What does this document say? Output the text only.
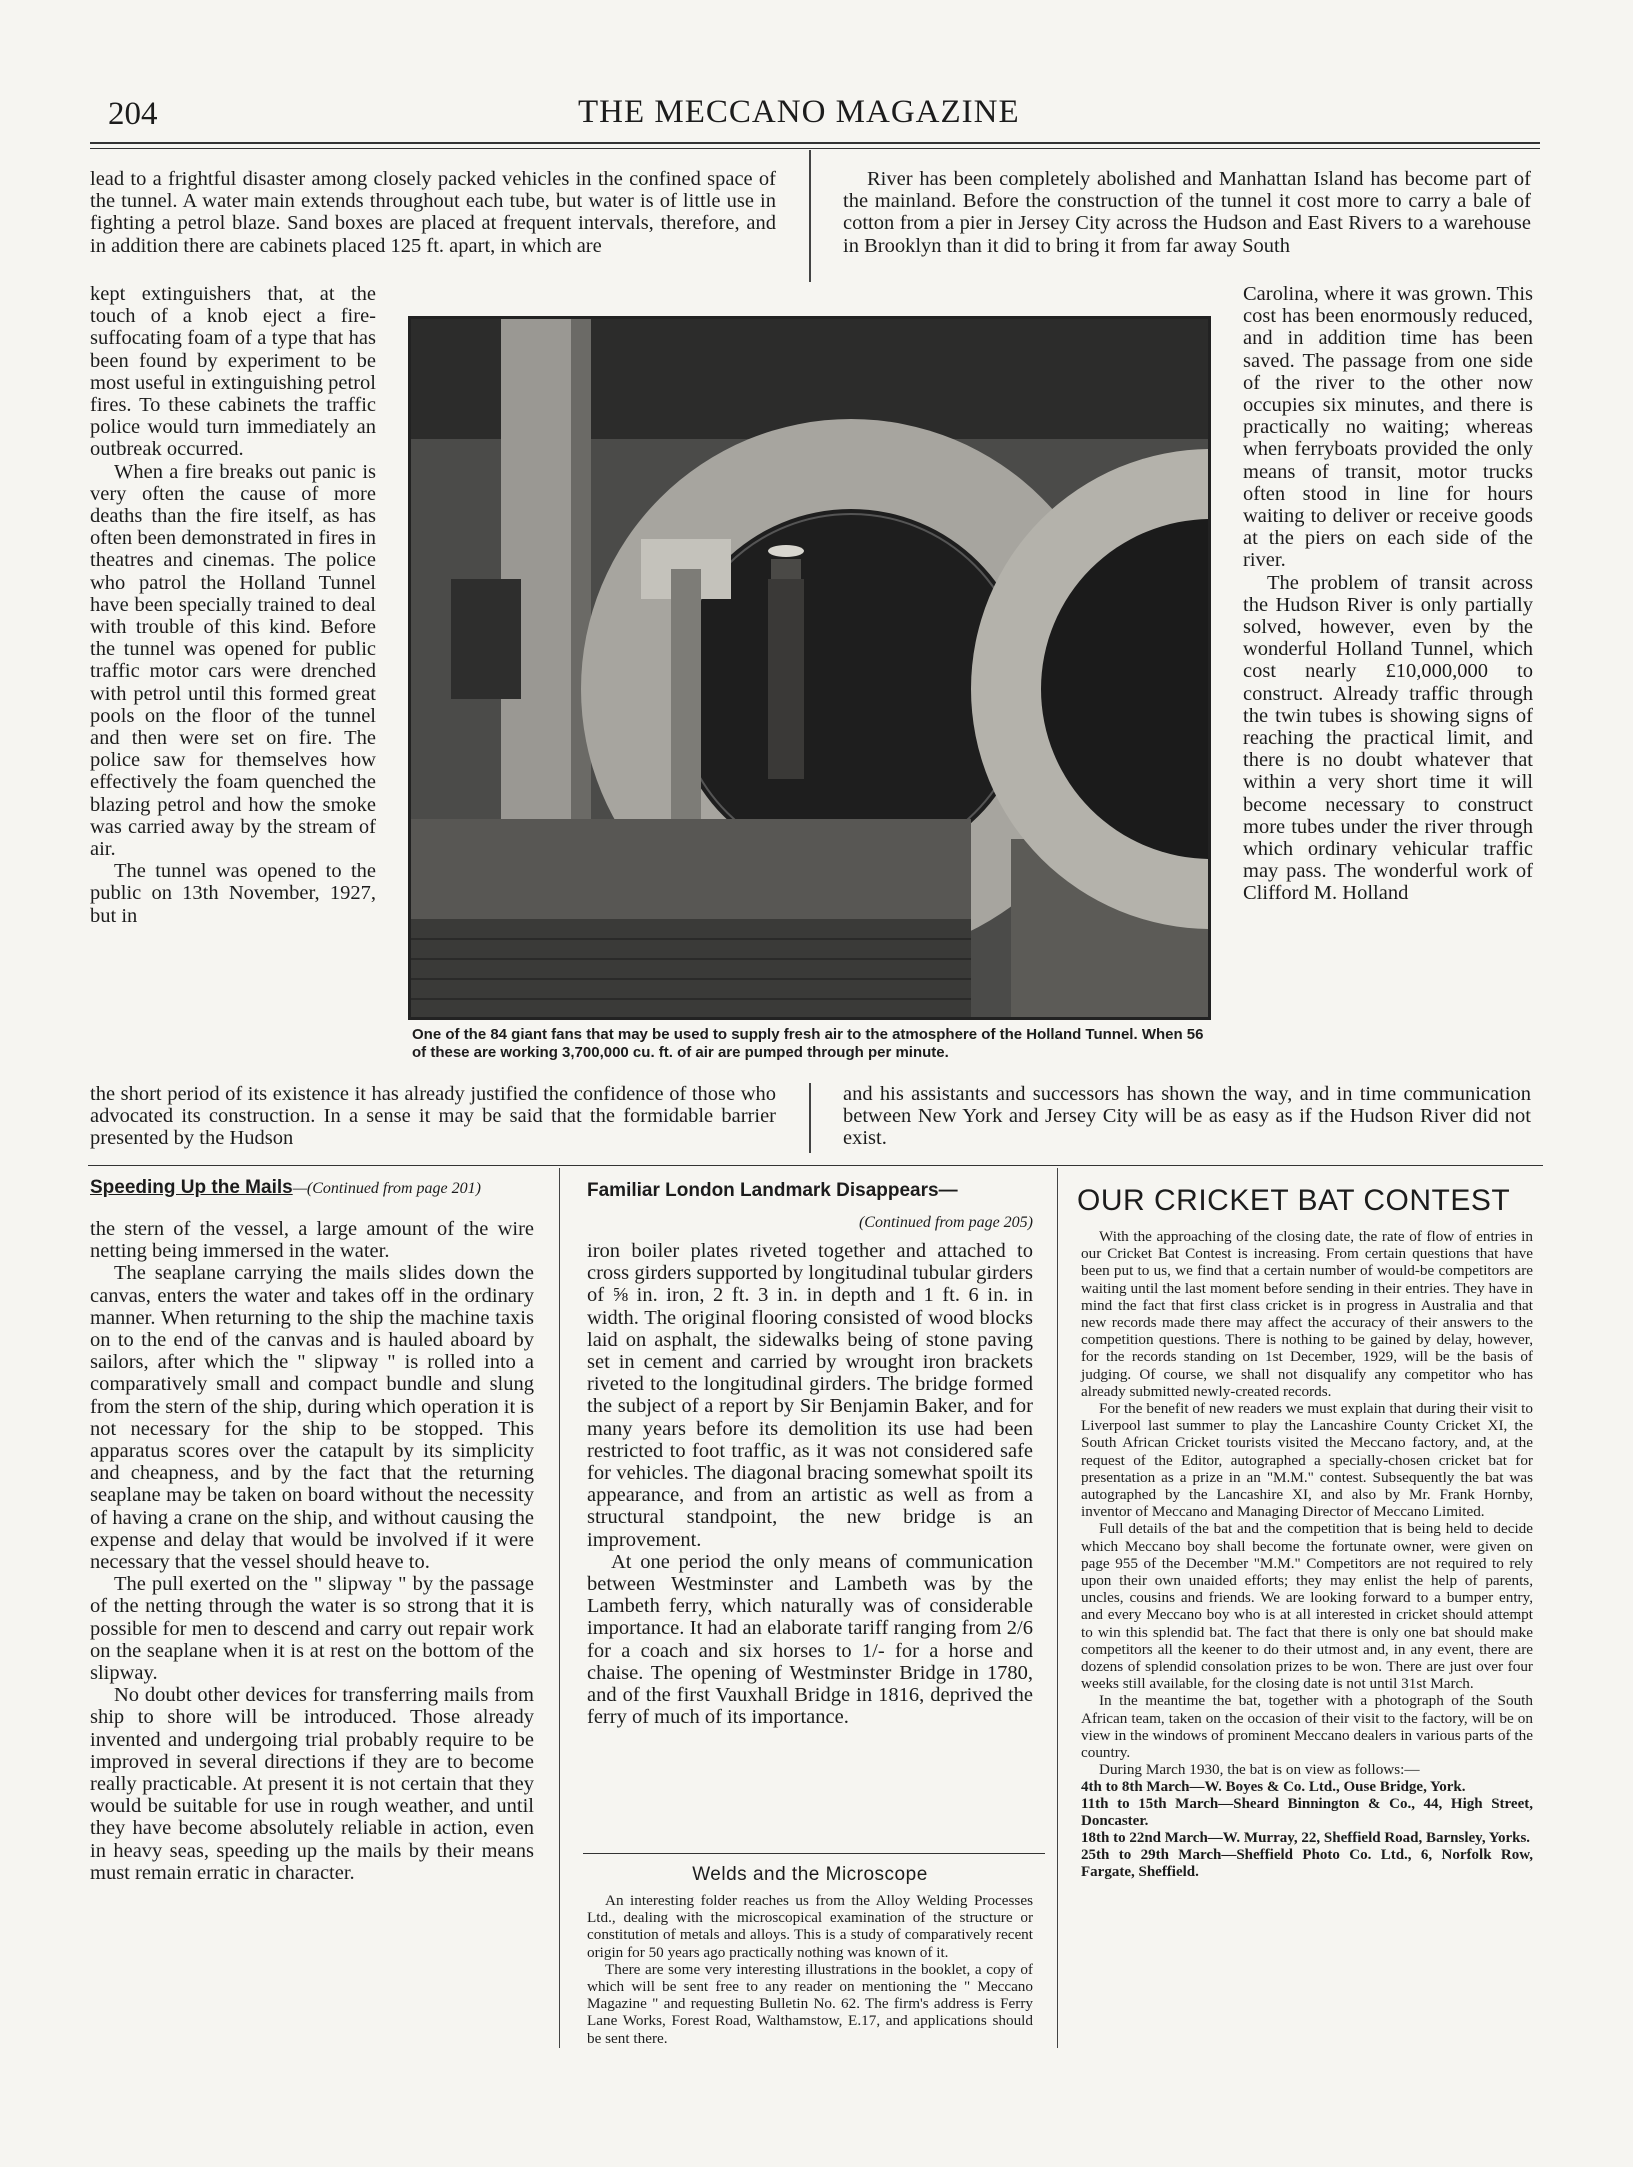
204	THE MECCANO MAGAZINE

lead to a frightful disaster among closely packed vehicles in the confined space of the tunnel. A water main extends throughout each tube, but water is of little use in fighting a petrol blaze. Sand boxes are placed at frequent intervals, therefore, and in addition there are cabinets placed 125 ft. apart, in which are

River has been completely abolished and Manhattan Island has become part of the mainland. Before the construction of the tunnel it cost more to carry a bale of cotton from a pier in Jersey City across the Hudson and East Rivers to a warehouse in Brooklyn than it did to bring it from far away South

kept extinguishers that, at the touch of a knob eject a fire-suffocating foam of a type that has been found by experiment to be most useful in extinguishing petrol fires. To these cabinets the traffic police would turn immediately an outbreak occurred.

When a fire breaks out panic is very often the cause of more deaths than the fire itself, as has often been demonstrated in fires in theatres and cinemas. The police who patrol the Holland Tunnel have been specially trained to deal with trouble of this kind. Before the tunnel was opened for public traffic motor cars were drenched with petrol until this formed great pools on the floor of the tunnel and then were set on fire. The police saw for themselves how effectively the foam quenched the blazing petrol and how the smoke was carried away by the stream of air.

The tunnel was opened to the public on 13th November, 1927, but in

One of the 84 giant fans that may be used to supply fresh air to the atmosphere of the Holland Tunnel. When 56 of these are working 3,700,000 cu. ft. of air are pumped through per minute.

Carolina, where it was grown. This cost has been enormously reduced, and in addition time has been saved. The passage from one side of the river to the other now occupies six minutes, and there is practically no waiting; whereas when ferryboats provided the only means of transit, motor trucks often stood in line for hours waiting to deliver or receive goods at the piers on each side of the river.

The problem of transit across the Hudson River is only partially solved, however, even by the wonderful Holland Tunnel, which cost nearly £10,000,000 to construct. Already traffic through the twin tubes is showing signs of reaching the practical limit, and there is no doubt whatever that within a very short time it will become necessary to construct more tubes under the river through which ordinary vehicular traffic may pass. The wonderful work of Clifford M. Holland

the short period of its existence it has already justified the confidence of those who advocated its construction. In a sense it may be said that the formidable barrier presented by the Hudson

and his assistants and successors has shown the way, and in time communication between New York and Jersey City will be as easy as if the Hudson River did not exist.

Speeding Up the Mails—(Continued from page 201)

the stern of the vessel, a large amount of the wire netting being immersed in the water.

The seaplane carrying the mails slides down the canvas, enters the water and takes off in the ordinary manner. When returning to the ship the machine taxis on to the end of the canvas and is hauled aboard by sailors, after which the " slipway " is rolled into a comparatively small and compact bundle and slung from the stern of the ship, during which operation it is not necessary for the ship to be stopped. This apparatus scores over the catapult by its simplicity and cheapness, and by the fact that the returning seaplane may be taken on board without the necessity of having a crane on the ship, and without causing the expense and delay that would be involved if it were necessary that the vessel should heave to.

The pull exerted on the " slipway " by the passage of the netting through the water is so strong that it is possible for men to descend and carry out repair work on the seaplane when it is at rest on the bottom of the slipway.

No doubt other devices for transferring mails from ship to shore will be introduced. Those already invented and undergoing trial probably require to be improved in several directions if they are to become really practicable. At present it is not certain that they would be suitable for use in rough weather, and until they have become absolutely reliable in action, even in heavy seas, speeding up the mails by their means must remain erratic in character.

Familiar London Landmark Disappears—
(Continued from page 205)

iron boiler plates riveted together and attached to cross girders supported by longitudinal tubular girders of ⅝ in. iron, 2 ft. 3 in. in depth and 1 ft. 6 in. in width. The original flooring consisted of wood blocks laid on asphalt, the sidewalks being of stone paving set in cement and carried by wrought iron brackets riveted to the longitudinal girders. The bridge formed the subject of a report by Sir Benjamin Baker, and for many years before its demolition its use had been restricted to foot traffic, as it was not considered safe for vehicles. The diagonal bracing somewhat spoilt its appearance, and from an artistic as well as from a structural standpoint, the new bridge is an improvement.

At one period the only means of communication between Westminster and Lambeth was by the Lambeth ferry, which naturally was of considerable importance. It had an elaborate tariff ranging from 2/6 for a coach and six horses to 1/- for a horse and chaise. The opening of Westminster Bridge in 1780, and of the first Vauxhall Bridge in 1816, deprived the ferry of much of its importance.

Welds and the Microscope

An interesting folder reaches us from the Alloy Welding Processes Ltd., dealing with the microscopical examination of the structure or constitution of metals and alloys. This is a study of comparatively recent origin for 50 years ago practically nothing was known of it.

There are some very interesting illustrations in the booklet, a copy of which will be sent free to any reader on mentioning the " Meccano Magazine " and requesting Bulletin No. 62. The firm's address is Ferry Lane Works, Forest Road, Walthamstow, E.17, and applications should be sent there.

OUR CRICKET BAT CONTEST

With the approaching of the closing date, the rate of flow of entries in our Cricket Bat Contest is increasing. From certain questions that have been put to us, we find that a certain number of would-be competitors are waiting until the last moment before sending in their entries. They have in mind the fact that first class cricket is in progress in Australia and that new records made there may affect the accuracy of their answers to the competition questions. There is nothing to be gained by delay, however, for the records standing on 1st December, 1929, will be the basis of judging. Of course, we shall not disqualify any competitor who has already submitted newly-created records.

For the benefit of new readers we must explain that during their visit to Liverpool last summer to play the Lancashire County Cricket XI, the South African Cricket tourists visited the Meccano factory, and, at the request of the Editor, autographed a specially-chosen cricket bat for presentation as a prize in an "M.M." contest. Subsequently the bat was autographed by the Lancashire XI, and also by Mr. Frank Hornby, inventor of Meccano and Managing Director of Meccano Limited.

Full details of the bat and the competition that is being held to decide which Meccano boy shall become the fortunate owner, were given on page 955 of the December "M.M." Competitors are not required to rely upon their own unaided efforts; they may enlist the help of parents, uncles, cousins and friends. We are looking forward to a bumper entry, and every Meccano boy who is at all interested in cricket should attempt to win this splendid bat. The fact that there is only one bat should make competitors all the keener to do their utmost and, in any event, there are dozens of splendid consolation prizes to be won. There are just over four weeks still available, for the closing date is not until 31st March.

In the meantime the bat, together with a photograph of the South African team, taken on the occasion of their visit to the factory, will be on view in the windows of prominent Meccano dealers in various parts of the country.

During March 1930, the bat is on view as follows:—

4th to 8th March—W. Boyes & Co. Ltd., Ouse Bridge, York.
11th to 15th March—Sheard Binnington & Co., 44, High Street, Doncaster.
18th to 22nd March—W. Murray, 22, Sheffield Road, Barnsley, Yorks.
25th to 29th March—Sheffield Photo Co. Ltd., 6, Norfolk Row, Fargate, Sheffield.
